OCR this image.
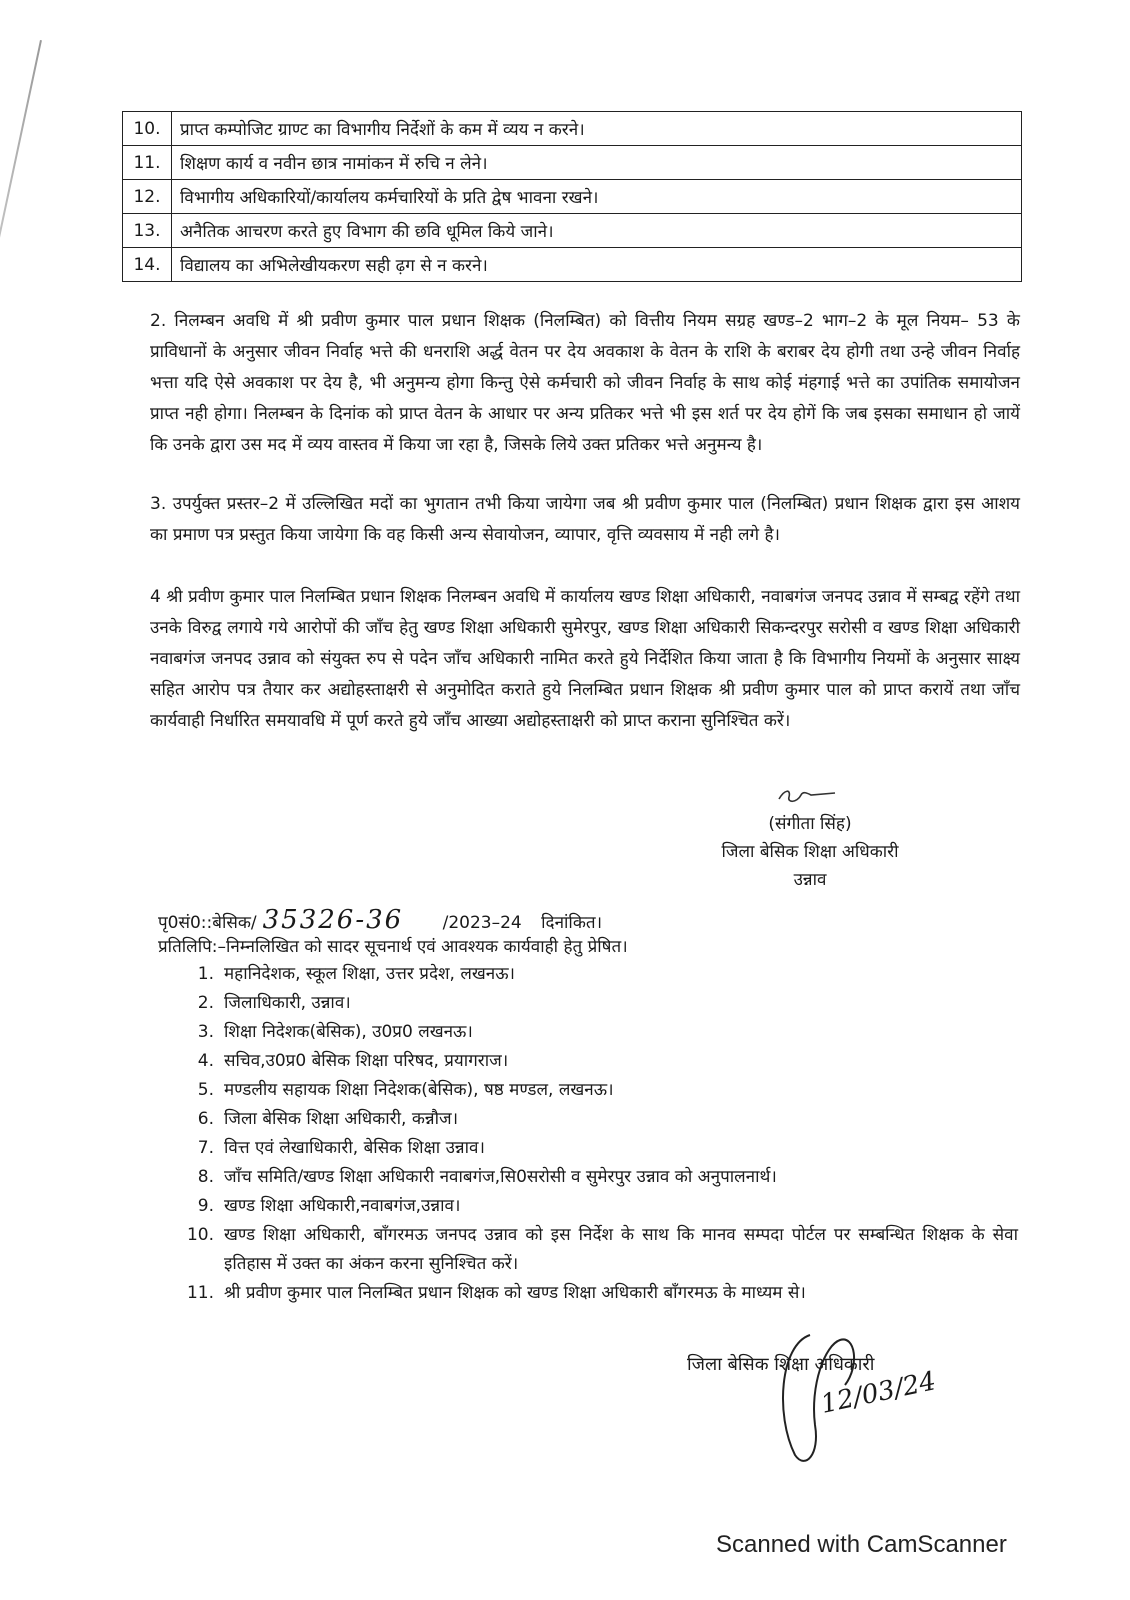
10.	प्राप्त कम्पोजिट ग्राण्ट का विभागीय निर्देशों के कम में व्यय न करने।
11.	शिक्षण कार्य व नवीन छात्र नामांकन में रुचि न लेने।
12.	विभागीय अधिकारियों/कार्यालय कर्मचारियों के प्रति द्वेष भावना रखने।
13.	अनैतिक आचरण करते हुए विभाग की छवि धूमिल किये जाने।
14.	विद्यालय का अभिलेखीयकरण सही ढ़ग से न करने।

2. निलम्बन अवधि में श्री प्रवीण कुमार पाल प्रधान शिक्षक (निलम्बित) को वित्तीय नियम सग्रह खण्ड–2 भाग–2 के मूल नियम– 53 के प्राविधानों के अनुसार जीवन निर्वाह भत्ते की धनराशि अर्द्ध वेतन पर देय अवकाश के वेतन के राशि के बराबर देय होगी तथा उन्हे जीवन निर्वाह भत्ता यदि ऐसे अवकाश पर देय है, भी अनुमन्य होगा किन्तु ऐसे कर्मचारी को जीवन निर्वाह के साथ कोई मंहगाई भत्ते का उपांतिक समायोजन प्राप्त नही होगा। निलम्बन के दिनांक को प्राप्त वेतन के आधार पर अन्य प्रतिकर भत्ते भी इस शर्त पर देय होगें कि जब इसका समाधान हो जायें कि उनके द्वारा उस मद में व्यय वास्तव में किया जा रहा है, जिसके लिये उक्त प्रतिकर भत्ते अनुमन्य है।

3. उपर्युक्त प्रस्तर–2 में उल्लिखित मदों का भुगतान तभी किया जायेगा जब श्री प्रवीण कुमार पाल (निलम्बित) प्रधान शिक्षक द्वारा इस आशय का प्रमाण पत्र प्रस्तुत किया जायेगा कि वह किसी अन्य सेवायोजन, व्यापार, वृत्ति व्यवसाय में नही लगे है।

4 श्री प्रवीण कुमार पाल निलम्बित प्रधान शिक्षक निलम्बन अवधि में कार्यालय खण्ड शिक्षा अधिकारी, नवाबगंज जनपद उन्नाव में सम्बद्व रहेंगे तथा उनके विरुद्व लगाये गये आरोपों की जाँच हेतु खण्ड शिक्षा अधिकारी सुमेरपुर, खण्ड शिक्षा अधिकारी सिकन्दरपुर सरोसी व खण्ड शिक्षा अधिकारी नवाबगंज जनपद उन्नाव को संयुक्त रुप से पदेन जाँच अधिकारी नामित करते हुये निर्देशित किया जाता है कि विभागीय नियमों के अनुसार साक्ष्य सहित आरोप पत्र तैयार कर अद्योहस्ताक्षरी से अनुमोदित कराते हुये निलम्बित प्रधान शिक्षक श्री प्रवीण कुमार पाल को प्राप्त करायें तथा जाँच कार्यवाही निर्धारित समयावधि में पूर्ण करते हुये जाँच आख्या अद्योहस्ताक्षरी को प्राप्त कराना सुनिश्चित करें।

(संगीता सिंह)
जिला बेसिक शिक्षा अधिकारी
उन्नाव
पृ0सं0::बेसिक/ 35326-36 /2023–24 दिनांकित।
प्रतिलिपि:–निम्नलिखित को सादर सूचनार्थ एवं आवश्यक कार्यवाही हेतु प्रेषित।
1. महानिदेशक, स्कूल शिक्षा, उत्तर प्रदेश, लखनऊ।
2. जिलाधिकारी, उन्नाव।
3. शिक्षा निदेशक(बेसिक), उ0प्र0 लखनऊ।
4. सचिव,उ0प्र0 बेसिक शिक्षा परिषद, प्रयागराज।
5. मण्डलीय सहायक शिक्षा निदेशक(बेसिक), षष्ठ मण्डल, लखनऊ।
6. जिला बेसिक शिक्षा अधिकारी, कन्नौज।
7. वित्त एवं लेखाधिकारी, बेसिक शिक्षा उन्नाव।
8. जाँच समिति/खण्ड शिक्षा अधिकारी नवाबगंज,सि0सरोसी व सुमेरपुर उन्नाव को अनुपालनार्थ।
9. खण्ड शिक्षा अधिकारी,नवाबगंज,उन्नाव।
10. खण्ड शिक्षा अधिकारी, बाँगरमऊ जनपद उन्नाव को इस निर्देश के साथ कि मानव सम्पदा पोर्टल पर सम्बन्धित शिक्षक के सेवा इतिहास में उक्त का अंकन करना सुनिश्चित करें।
11. श्री प्रवीण कुमार पाल निलम्बित प्रधान शिक्षक को खण्ड शिक्षा अधिकारी बाँगरमऊ के माध्यम से।
जिला बेसिक शिक्षा अधिकारी
12/03/24
Scanned with CamScanner
